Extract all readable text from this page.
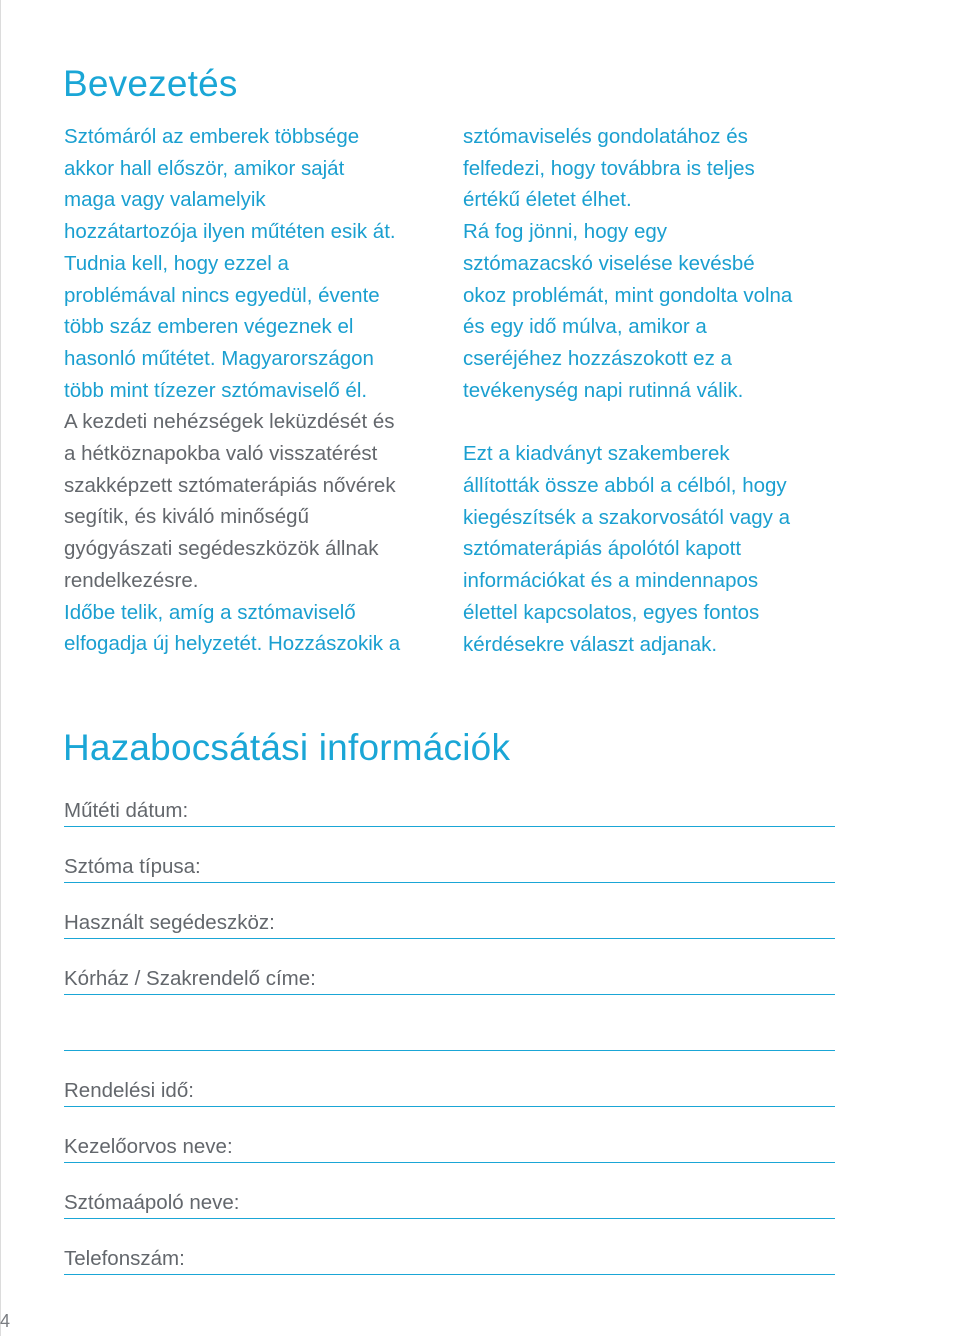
Bevezetés

Sztómáról az emberek többsége
akkor hall először, amikor saját
maga vagy valamelyik
hozzátartozója ilyen műtéten esik át.

Tudnia kell, hogy ezzel a
problémával nincs egyedül, évente
több száz emberen végeznek el
hasonló műtétet. Magyarországon
több mint tízezer sztómaviselő él.

A kezdeti nehézségek leküzdését és
a hétköznapokba való visszatérést
szakképzett sztómaterápiás nővérek
segítik, és kiváló minőségű
gyógyászati segédeszközök állnak
rendelkezésre.

Időbe telik, amíg a sztómaviselő
elfogadja új helyzetét. Hozzászokik a

sztómaviselés gondolatához és
felfedezi, hogy továbbra is teljes
értékű életet élhet.

Rá fog jönni, hogy egy
sztómazacskó viselése kevésbé
okoz problémát, mint gondolta volna
és egy idő múlva, amikor a
cseréjéhez hozzászokott ez a
tevékenység napi rutinná válik.

Ezt a kiadványt szakemberek
állították össze abból a célból, hogy
kiegészítsék a szakorvosától vagy a
sztómaterápiás ápolótól kapott
információkat és a mindennapos
élettel kapcsolatos, egyes fontos
kérdésekre választ adjanak.

Hazabocsátási információk
Műtéti dátum:
Sztóma típusa:
Használt segédeszköz:
Kórház / Szakrendelő címe:
Rendelési idő:
Kezelőorvos neve:
Sztómaápoló neve:
Telefonszám:
4
